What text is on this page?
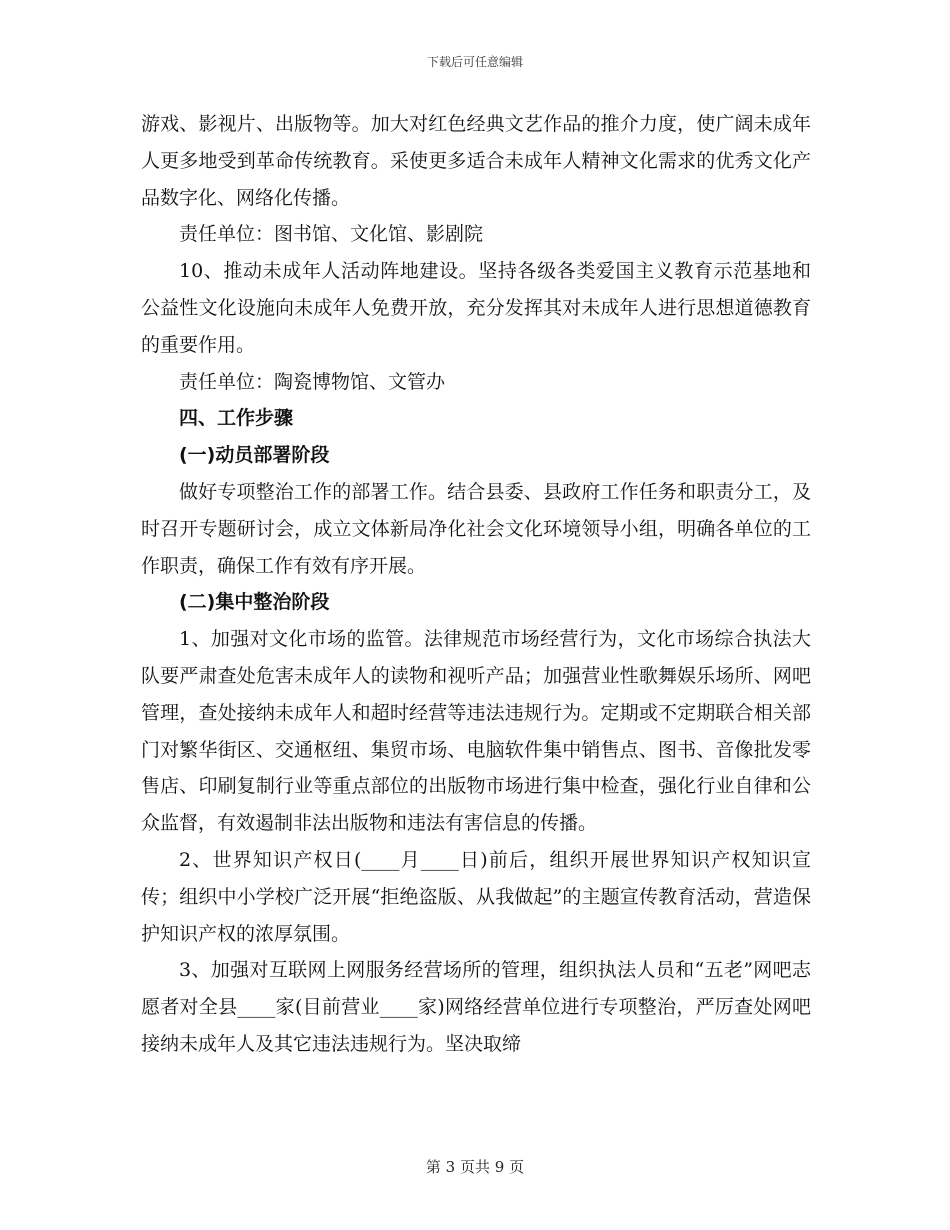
下载后可任意编辑

游戏、影视片、出版物等。加大对红色经典文艺作品的推介力度，使广阔未成年人更多地受到革命传统教育。采使更多适合未成年人精神文化需求的优秀文化产品数字化、网络化传播。

责任单位：图书馆、文化馆、影剧院

10、推动未成年人活动阵地建设。坚持各级各类爱国主义教育示范基地和公益性文化设施向未成年人免费开放，充分发挥其对未成年人进行思想道德教育的重要作用。

责任单位：陶瓷博物馆、文管办

四、工作步骤

(一)动员部署阶段

做好专项整治工作的部署工作。结合县委、县政府工作任务和职责分工，及时召开专题研讨会，成立文体新局净化社会文化环境领导小组，明确各单位的工作职责，确保工作有效有序开展。

(二)集中整治阶段

1、加强对文化市场的监管。法律规范市场经营行为，文化市场综合执法大队要严肃查处危害未成年人的读物和视听产品；加强营业性歌舞娱乐场所、网吧管理，查处接纳未成年人和超时经营等违法违规行为。定期或不定期联合相关部门对繁华街区、交通枢纽、集贸市场、电脑软件集中销售点、图书、音像批发零售店、印刷复制行业等重点部位的出版物市场进行集中检查，强化行业自律和公众监督，有效遏制非法出版物和违法有害信息的传播。

2、世界知识产权日(____月____日)前后，组织开展世界知识产权知识宣传；组织中小学校广泛开展“拒绝盗版、从我做起”的主题宣传教育活动，营造保护知识产权的浓厚氛围。

3、加强对互联网上网服务经营场所的管理，组织执法人员和“五老”网吧志愿者对全县____家(目前营业____家)网络经营单位进行专项整治，严厉查处网吧接纳未成年人及其它违法违规行为。坚决取缔

第 3 页共 9 页
